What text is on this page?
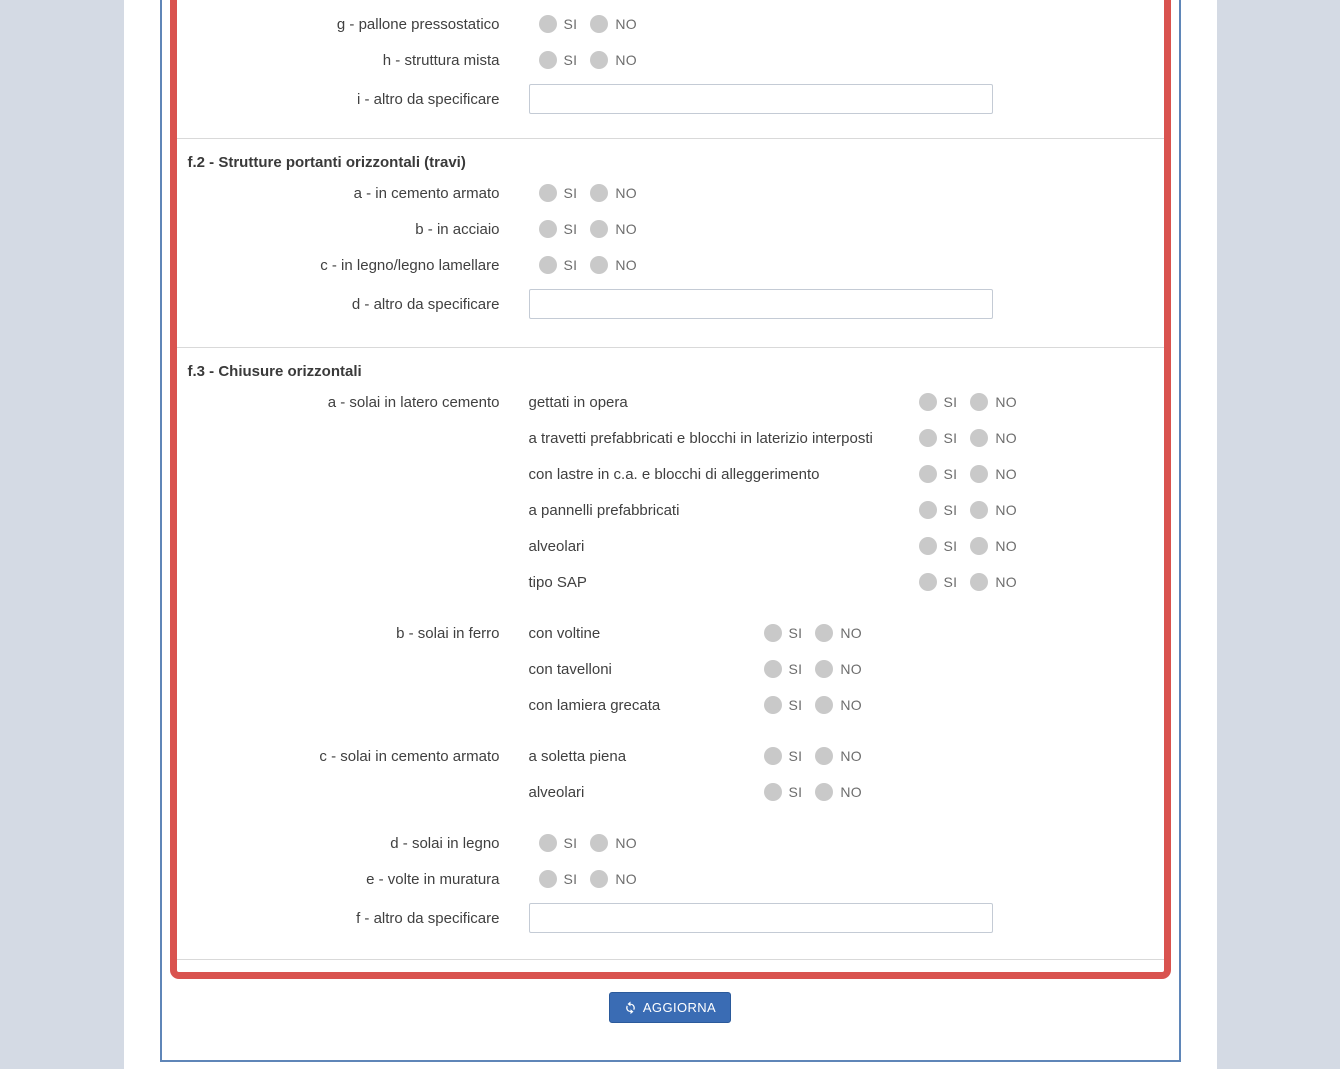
g - pallone pressostatico	SI	NO
h - struttura mista	SI	NO
i - altro da specificare
f.2 - Strutture portanti orizzontali (travi)
a - in cemento armato	SI	NO
b - in acciaio	SI	NO
c - in legno/legno lamellare	SI	NO
d - altro da specificare
f.3 - Chiusure orizzontali
a - solai in latero cemento	gettati in opera	SI	NO
a travetti prefabbricati e blocchi in laterizio interposti	SI	NO
con lastre in c.a. e blocchi di alleggerimento	SI	NO
a pannelli prefabbricati	SI	NO
alveolari	SI	NO
tipo SAP	SI	NO
b - solai in ferro	con voltine	SI	NO
con tavelloni	SI	NO
con lamiera grecata	SI	NO
c - solai in cemento armato	a soletta piena	SI	NO
alveolari	SI	NO
d - solai in legno	SI	NO
e - volte in muratura	SI	NO
f - altro da specificare
AGGIORNA
